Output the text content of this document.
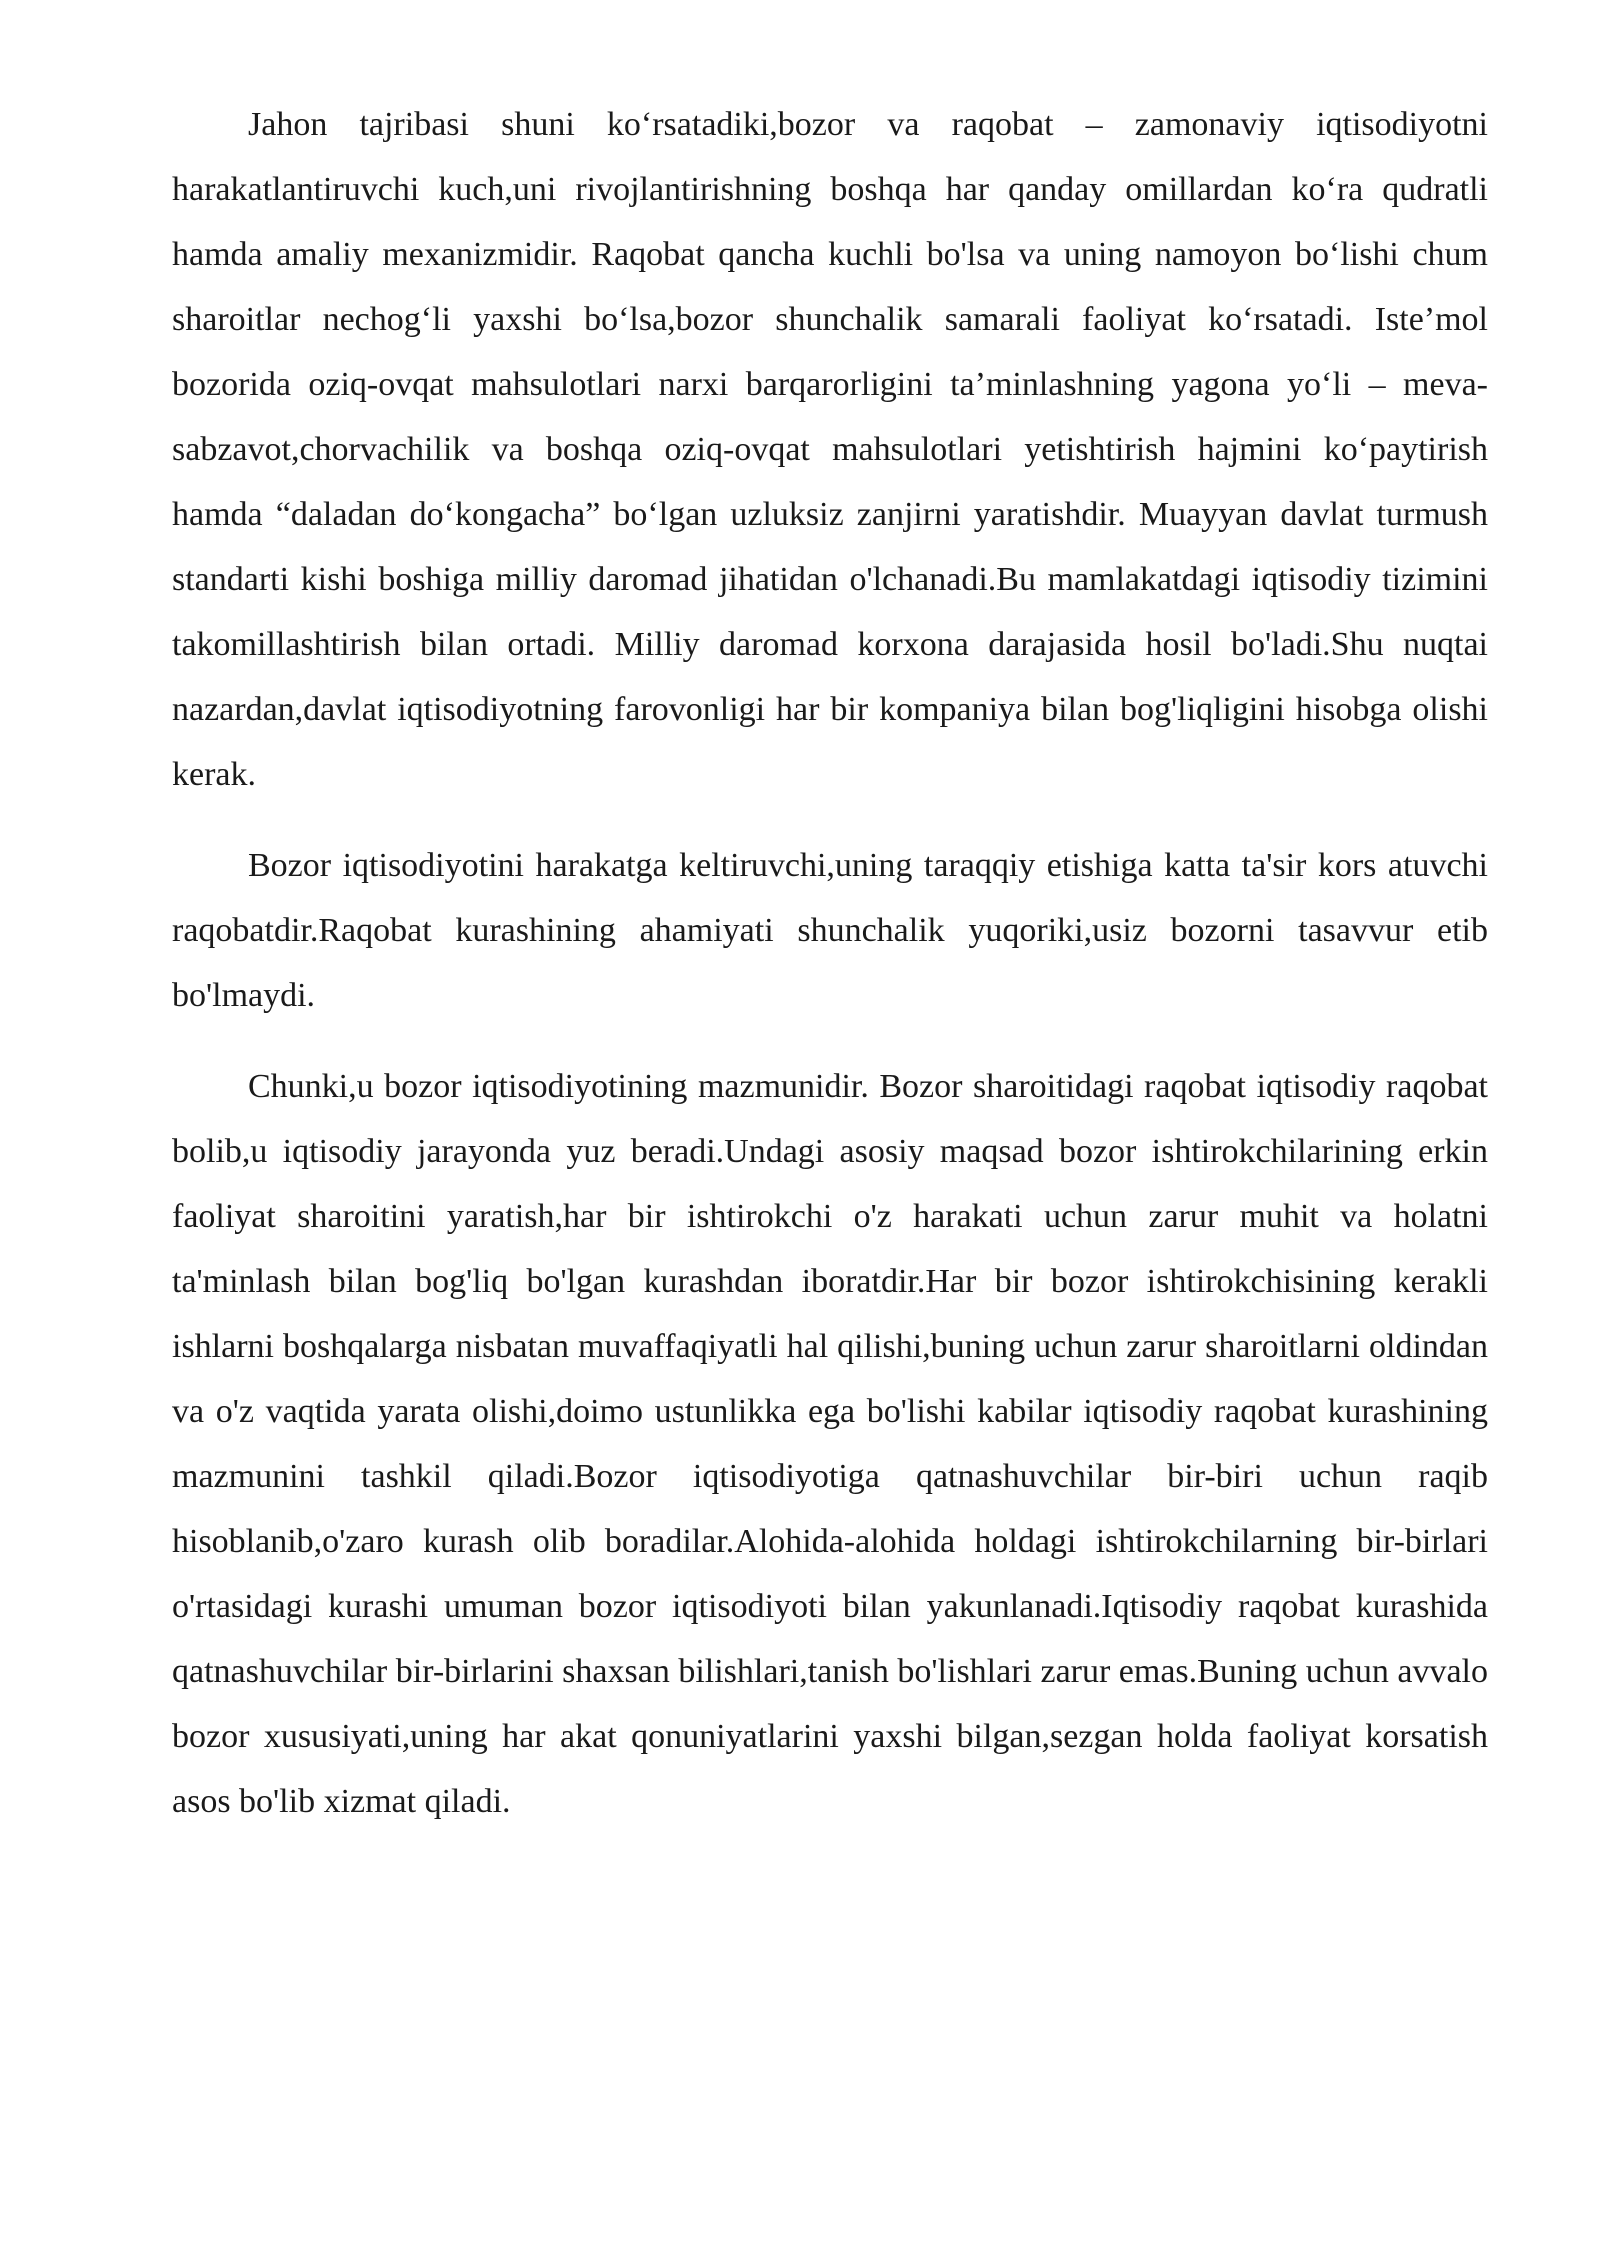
Jahon tajribasi shuni ko‘rsatadiki,bozor va raqobat – zamonaviy iqtisodiyotni harakatlantiruvchi kuch,uni rivojlantirishning boshqa har qanday omillardan ko‘ra qudratli hamda amaliy mexanizmidir. Raqobat qancha kuchli bo'lsa va uning namoyon bo‘lishi chum sharoitlar nechog‘li yaxshi bo‘lsa,bozor shunchalik samarali faoliyat ko‘rsatadi. Iste’mol bozorida oziq-ovqat mahsulotlari narxi barqarorligini ta’minlashning yagona yo‘li – meva-sabzavot,chorvachilik va boshqa oziq-ovqat mahsulotlari yetishtirish hajmini ko‘paytirish hamda “daladan do‘kongacha” bo‘lgan uzluksiz zanjirni yaratishdir. Muayyan davlat turmush standarti kishi boshiga milliy daromad jihatidan o'lchanadi.Bu mamlakatdagi iqtisodiy tizimini takomillashtirish bilan ortadi. Milliy daromad korxona darajasida hosil bo'ladi.Shu nuqtai nazardan,davlat iqtisodiyotning farovonligi har bir kompaniya bilan bog'liqligini hisobga olishi kerak.

Bozor iqtisodiyotini harakatga keltiruvchi,uning taraqqiy etishiga katta ta'sir kors atuvchi raqobatdir.Raqobat kurashining ahamiyati shunchalik yuqoriki,usiz bozorni tasavvur etib bo'lmaydi.

Chunki,u bozor iqtisodiyotining mazmunidir. Bozor sharoitidagi raqobat iqtisodiy raqobat bolib,u iqtisodiy jarayonda yuz beradi.Undagi asosiy maqsad bozor ishtirokchilarining erkin faoliyat sharoitini yaratish,har bir ishtirokchi o'z harakati uchun zarur muhit va holatni ta'minlash bilan bog'liq bo'lgan kurashdan iboratdir.Har bir bozor ishtirokchisining kerakli ishlarni boshqalarga nisbatan muvaffaqiyatli hal qilishi,buning uchun zarur sharoitlarni oldindan va o'z vaqtida yarata olishi,doimo ustunlikka ega bo'lishi kabilar iqtisodiy raqobat kurashining mazmunini tashkil qiladi.Bozor iqtisodiyotiga qatnashuvchilar bir-biri uchun raqib hisoblanib,o'zaro kurash olib boradilar.Alohida-alohida holdagi ishtirokchilarning bir-birlari o'rtasidagi kurashi umuman bozor iqtisodiyoti bilan yakunlanadi.Iqtisodiy raqobat kurashida qatnashuvchilar bir-birlarini shaxsan bilishlari,tanish bo'lishlari zarur emas.Buning uchun avvalo bozor xususiyati,uning har akat qonuniyatlarini yaxshi bilgan,sezgan holda faoliyat korsatish asos bo'lib xizmat qiladi.
